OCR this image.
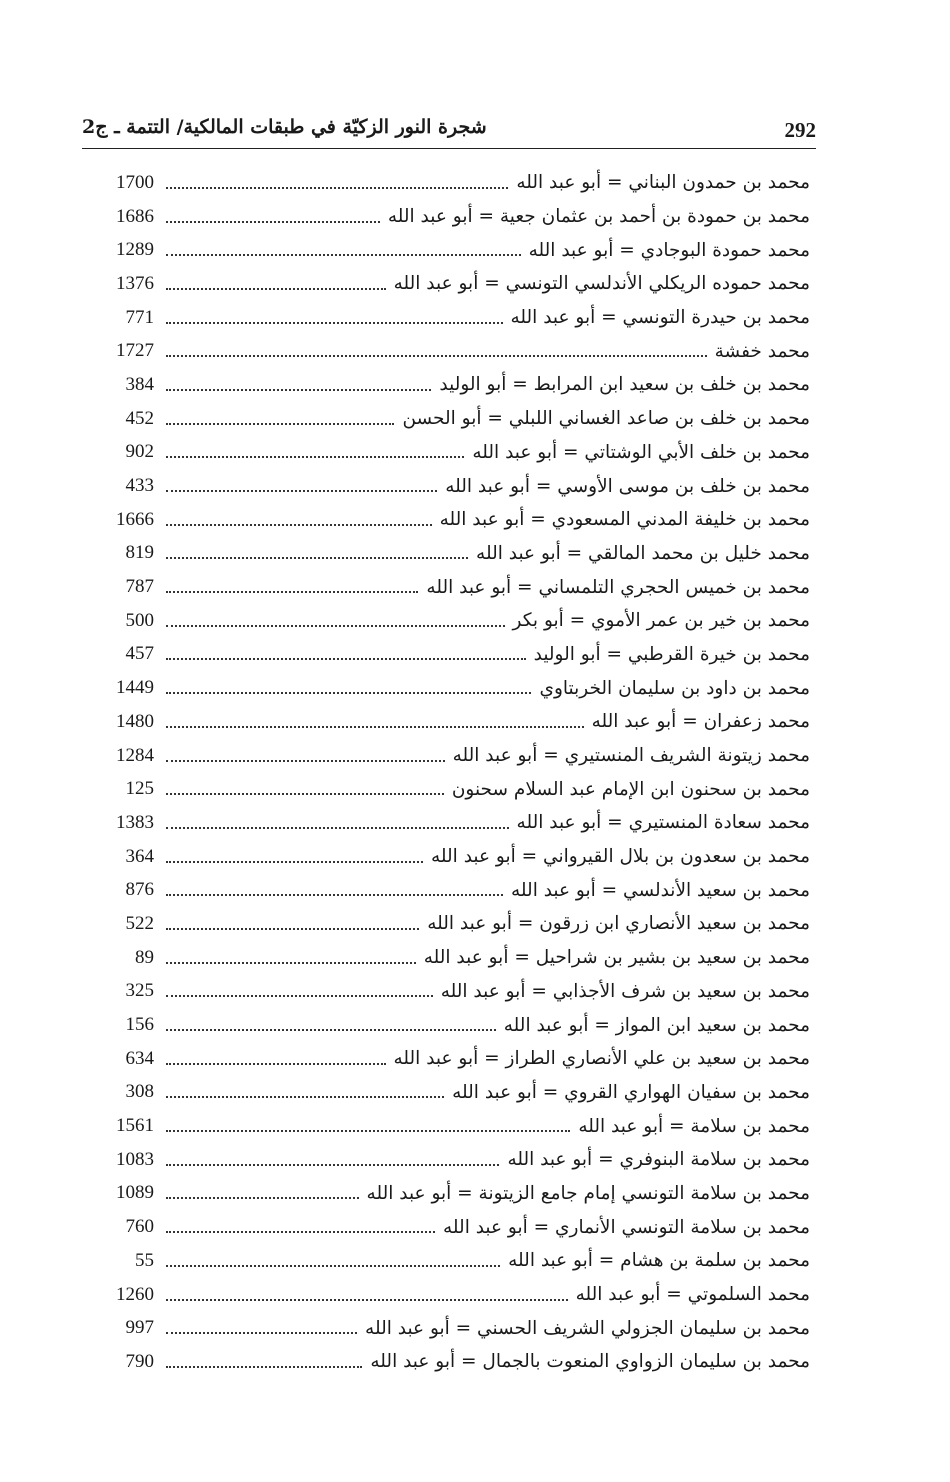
292
شجرة النور الزكيّة في طبقات المالكية/ التتمة ـ ج2
1700	محمد بن حمدون البناني = أبو عبد الله
1686	محمد بن حمودة بن أحمد بن عثمان جعية = أبو عبد الله
1289	محمد حمودة البوجادي = أبو عبد الله
1376	محمد حموده الريكلي الأندلسي التونسي = أبو عبد الله
771	محمد بن حيدرة التونسي = أبو عبد الله
1727	محمد خفشة
384	محمد بن خلف بن سعيد ابن المرابط = أبو الوليد
452	محمد بن خلف بن صاعد الغساني اللبلي = أبو الحسن
902	محمد بن خلف الأبي الوشتاتي = أبو عبد الله
433	محمد بن خلف بن موسى الأوسي = أبو عبد الله
1666	محمد بن خليفة المدني المسعودي = أبو عبد الله
819	محمد خليل بن محمد المالقي = أبو عبد الله
787	محمد بن خميس الحجري التلمساني = أبو عبد الله
500	محمد بن خير بن عمر الأموي = أبو بكر
457	محمد بن خيرة القرطبي = أبو الوليد
1449	محمد بن داود بن سليمان الخربتاوي
1480	محمد زعفران = أبو عبد الله
1284	محمد زيتونة الشريف المنستيري = أبو عبد الله
125	محمد بن سحنون ابن الإمام عبد السلام سحنون
1383	محمد سعادة المنستيري = أبو عبد الله
364	محمد بن سعدون بن بلال القيرواني = أبو عبد الله
876	محمد بن سعيد الأندلسي = أبو عبد الله
522	محمد بن سعيد الأنصاري ابن زرقون = أبو عبد الله
89	محمد بن سعيد بن بشير بن شراحيل = أبو عبد الله
325	محمد بن سعيد بن شرف الأجذابي = أبو عبد الله
156	محمد بن سعيد ابن المواز = أبو عبد الله
634	محمد بن سعيد بن علي الأنصاري الطراز = أبو عبد الله
308	محمد بن سفيان الهواري القروي = أبو عبد الله
1561	محمد بن سلامة = أبو عبد الله
1083	محمد بن سلامة البنوفري = أبو عبد الله
1089	محمد بن سلامة التونسي إمام جامع الزيتونة = أبو عبد الله
760	محمد بن سلامة التونسي الأنماري = أبو عبد الله
55	محمد بن سلمة بن هشام = أبو عبد الله
1260	محمد السلموتي = أبو عبد الله
997	محمد بن سليمان الجزولي الشريف الحسني = أبو عبد الله
790	محمد بن سليمان الزواوي المنعوت بالجمال = أبو عبد الله
